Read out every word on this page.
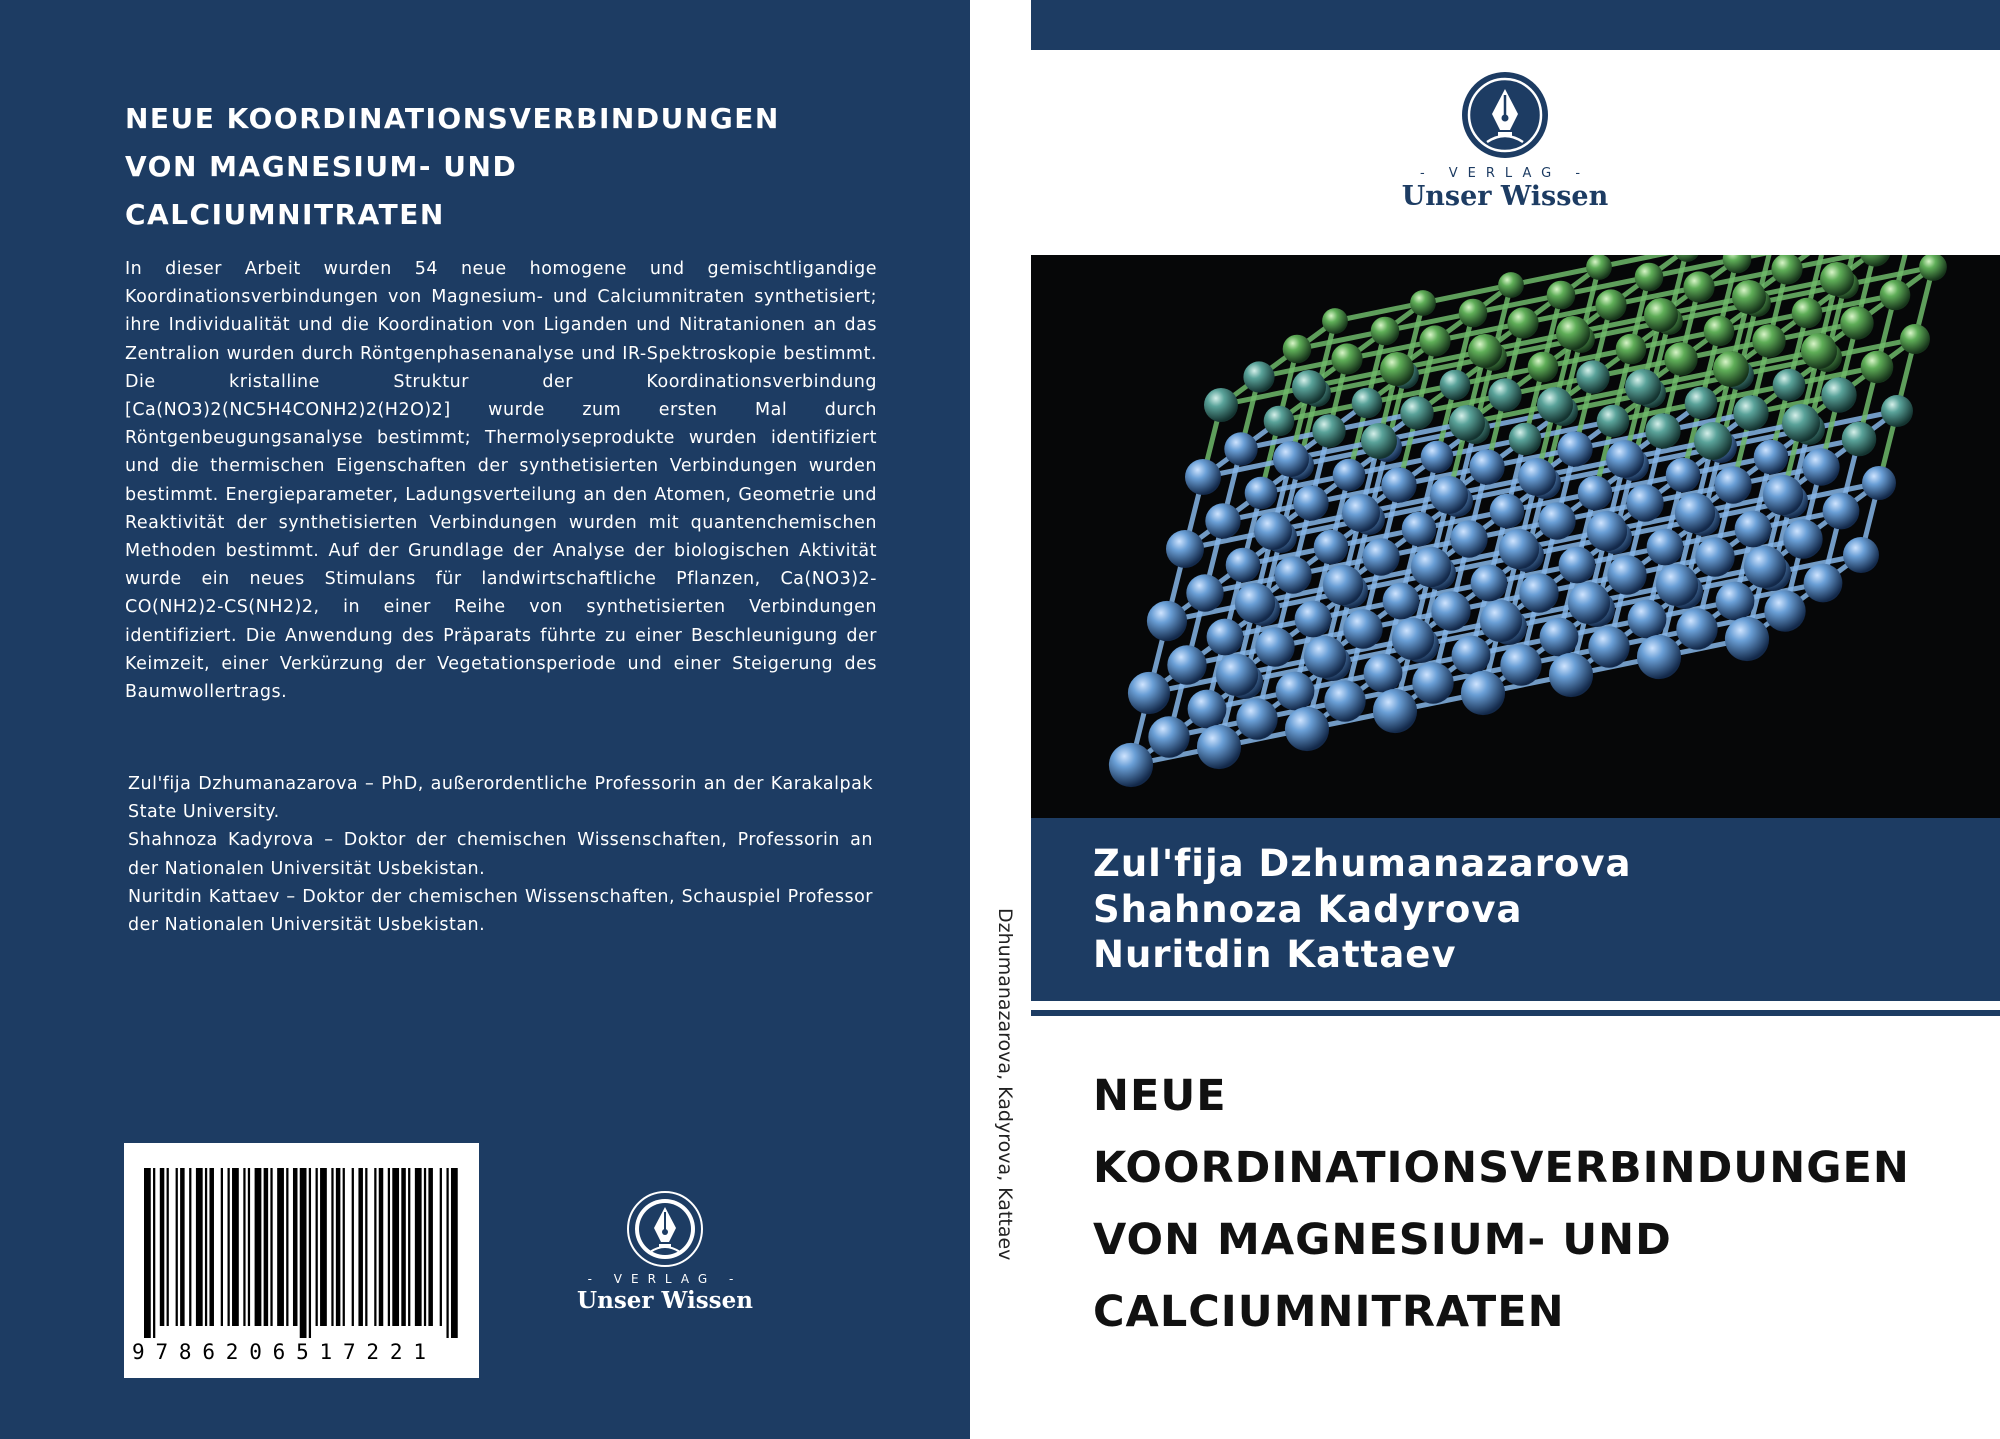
NEUE KOORDINATIONSVERBINDUNGEN
VON MAGNESIUM- UND
CALCIUMNITRATEN

In dieser Arbeit wurden 54 neue homogene und gemischtligandige Koordinationsverbindungen von Magnesium- und Calciumnitraten synthetisiert; ihre Individualität und die Koordination von Liganden und Nitratanionen an das Zentralion wurden durch Röntgenphasenanalyse und IR-Spektroskopie bestimmt. Die kristalline Struktur der Koordinationsverbindung [Ca(NO3)2(NC5H4CONH2)2(H2O)2] wurde zum ersten Mal durch Röntgenbeugungsanalyse bestimmt; Thermolyseprodukte wurden identifiziert und die thermischen Eigenschaften der synthetisierten Verbindungen wurden bestimmt. Energieparameter, Ladungsverteilung an den Atomen, Geometrie und Reaktivität der synthetisierten Verbindungen wurden mit quantenchemischen Methoden bestimmt. Auf der Grundlage der Analyse der biologischen Aktivität wurde ein neues Stimulans für landwirtschaftliche Pflanzen, Ca(NO3)2-CO(NH2)2-CS(NH2)2, in einer Reihe von synthetisierten Verbindungen identifiziert. Die Anwendung des Präparats führte zu einer Beschleunigung der Keimzeit, einer Verkürzung der Vegetationsperiode und einer Steigerung des Baumwollertrags.

Zul'fija Dzhumanazarova – PhD, außerordentliche Professorin an der Karakalpak State University.

Shahnoza Kadyrova – Doktor der chemischen Wissenschaften, Professorin an der Nationalen Universität Usbekistan.

Nuritdin Kattaev – Doktor der chemischen Wissenschaften, Schauspiel Professor der Nationalen Universität Usbekistan.

9786206517221
- VERLAG -
Unser Wissen
Dzhumanazarova, Kadyrova, Kattaev
- VERLAG -
Unser Wissen
Zul'fija Dzhumanazarova
Shahnoza Kadyrova
Nuritdin Kattaev
NEUE
KOORDINATIONSVERBINDUNGEN
VON MAGNESIUM- UND
CALCIUMNITRATEN
